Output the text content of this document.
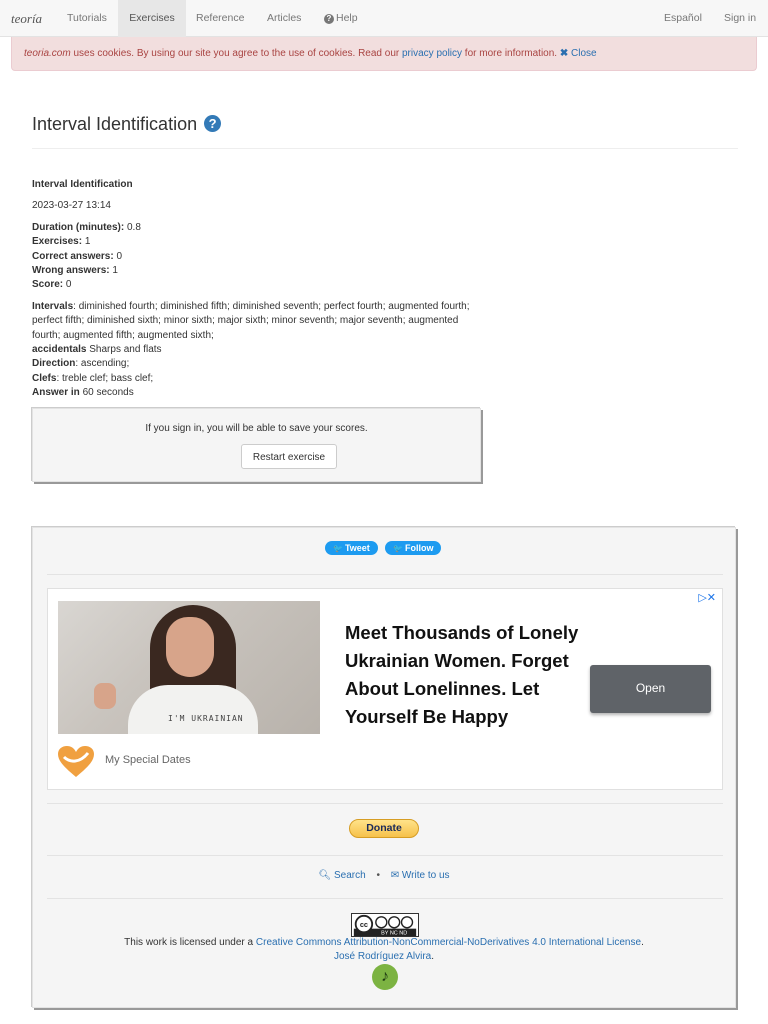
teoría	Tutorials	Exercises	Reference	Articles	? Help	Español	Sign in
teoria.com uses cookies. By using our site you agree to the use of cookies. Read our privacy policy for more information. ✖ Close
Interval Identification ?

Interval Identification

2023-03-27 13:14

Duration (minutes): 0.8

Exercises: 1

Correct answers: 0

Wrong answers: 1

Score: 0

Intervals: diminished fourth; diminished fifth; diminished seventh; perfect fourth; augmented fourth; perfect fifth; diminished sixth; minor sixth; major sixth; minor seventh; major seventh; augmented fourth; augmented fifth; augmented sixth;

accidentals Sharps and flats

Direction: ascending;

Clefs: treble clef; bass clef;

Answer in 60 seconds

If you sign in, you will be able to save your scores.
Restart exercise
🐦 Tweet	🐦 Follow
I'M UKRAINIAN
My Special Dates
Meet Thousands of Lonely Ukrainian Women. Forget About Lonelinnes. Let Yourself Be Happy
Open
▷✕
Donate
🔍︎ Search • ✉ Write to us
cc
BY NC ND
This work is licensed under a Creative Commons Attribution-NonCommercial-NoDerivatives 4.0 International License.
José Rodríguez Alvira.
♪
